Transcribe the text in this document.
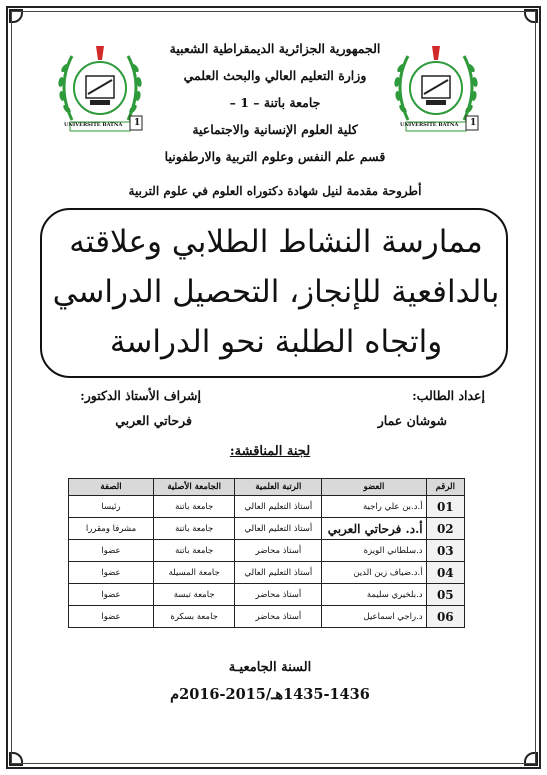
1
UNIVERSITE BATNA	1
UNIVERSITE BATNA
الجمهورية الجزائرية الديمقراطية الشعبية
وزارة التعليم العالي والبحث العلمي
جامعة باتنة – 1 –
كلية العلوم الإنسانية والاجتماعية
قسم علم النفس وعلوم التربية والارطفونيا
أطروحة مقدمة لنيل شهادة دكتوراه العلوم في علوم التربية
ممارسة النشاط الطلابي وعلاقته
بالدافعية للإنجاز، التحصيل الدراسي
واتجاه الطلبة نحو الدراسة
إعداد الطالب:
شوشان عمار
إشراف الأستاذ الدكتور:
فرحاتي العربي
لجنة المناقشة:
الرقم	العضو	الرتبة العلمية	الجامعة الأصلية	الصفة
01	أ.د.بن علي راجية	أستاذ التعليم العالي	جامعة باتنة	رئيسا
02	أ.د. فرحاتي العربي	أستاذ التعليم العالي	جامعة باتنة	مشرفا ومقررا
03	د.سلطاني الويزة	أستاذ محاضر	جامعة باتنة	عضوا
04	أ.د.ضياف زين الدين	أستاذ التعليم العالي	جامعة المسيلة	عضوا
05	د.بلخيري سليمة	أستاذ محاضر	جامعة تبسة	عضوا
06	د.راجي اسماعيل	أستاذ محاضر	جامعة بسكرة	عضوا
السنة الجامعيـة
1435-1436هـ/2015-2016م
